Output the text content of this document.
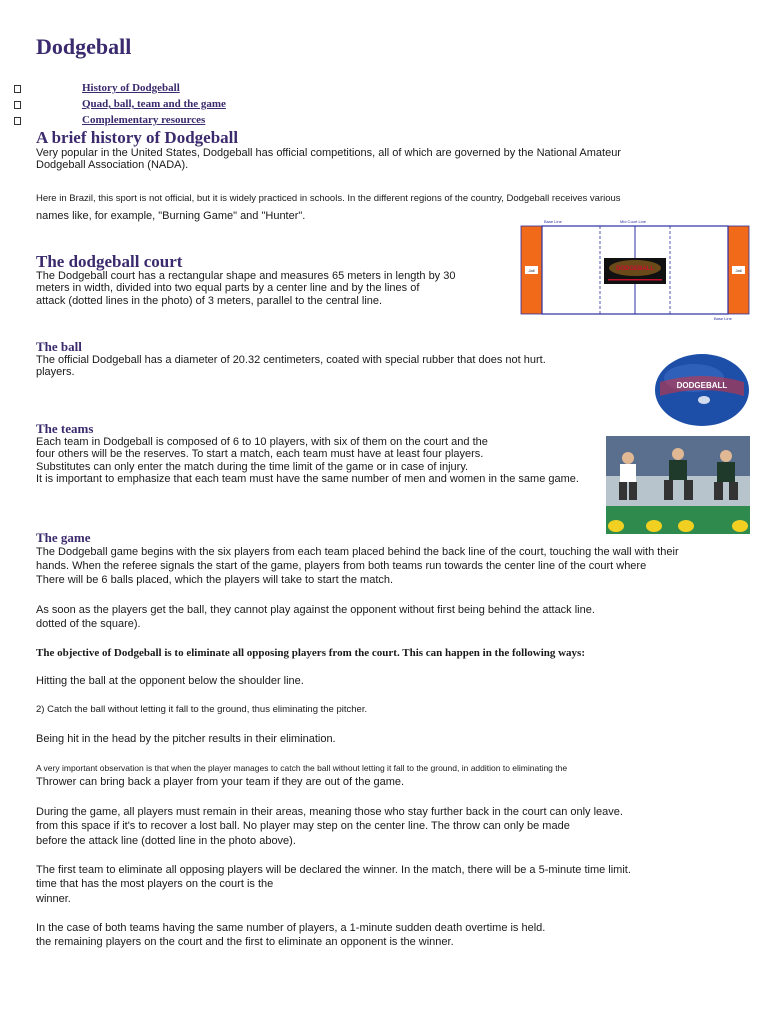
Dodgeball
History of Dodgeball
Quad, ball, team and the game
Complementary resources
A brief history of Dodgeball

Very popular in the United States, Dodgeball has official competitions, all of which are governed by the National Amateur
Dodgeball Association (NADA).

Here in Brazil, this sport is not official, but it is widely practiced in schools. In the different regions of the country, Dodgeball receives various

names like, for example, "Burning Game" and "Hunter".

The dodgeball court

The Dodgeball court has a rectangular shape and measures 65 meters in length by 30
meters in width, divided into two equal parts by a center line and by the lines of
attack (dotted lines in the photo) of 3 meters, parallel to the central line.

DODGEBALL
Base Line	Mid Court Line
Base Line
Jail	Jail
The ball

The official Dodgeball has a diameter of 20.32 centimeters, coated with special rubber that does not hurt.
players.

DODGEBALL
The teams

Each team in Dodgeball is composed of 6 to 10 players, with six of them on the court and the
four others will be the reserves. To start a match, each team must have at least four players.
Substitutes can only enter the match during the time limit of the game or in case of injury.
It is important to emphasize that each team must have the same number of men and women in the same game.

The game

The Dodgeball game begins with the six players from each team placed behind the back line of the court, touching the wall with their
hands. When the referee signals the start of the game, players from both teams run towards the center line of the court where
There will be 6 balls placed, which the players will take to start the match.

As soon as the players get the ball, they cannot play against the opponent without first being behind the attack line.
dotted of the square).

The objective of Dodgeball is to eliminate all opposing players from the court. This can happen in the following ways:

Hitting the ball at the opponent below the shoulder line.

2) Catch the ball without letting it fall to the ground, thus eliminating the pitcher.

Being hit in the head by the pitcher results in their elimination.

A very important observation is that when the player manages to catch the ball without letting it fall to the ground, in addition to eliminating the

Thrower can bring back a player from your team if they are out of the game.

During the game, all players must remain in their areas, meaning those who stay further back in the court can only leave.
from this space if it's to recover a lost ball. No player may step on the center line. The throw can only be made
before the attack line (dotted line in the photo above).

The first team to eliminate all opposing players will be declared the winner. In the match, there will be a 5-minute time limit.
time that has the most players on the court is the
winner.

In the case of both teams having the same number of players, a 1-minute sudden death overtime is held.
the remaining players on the court and the first to eliminate an opponent is the winner.
